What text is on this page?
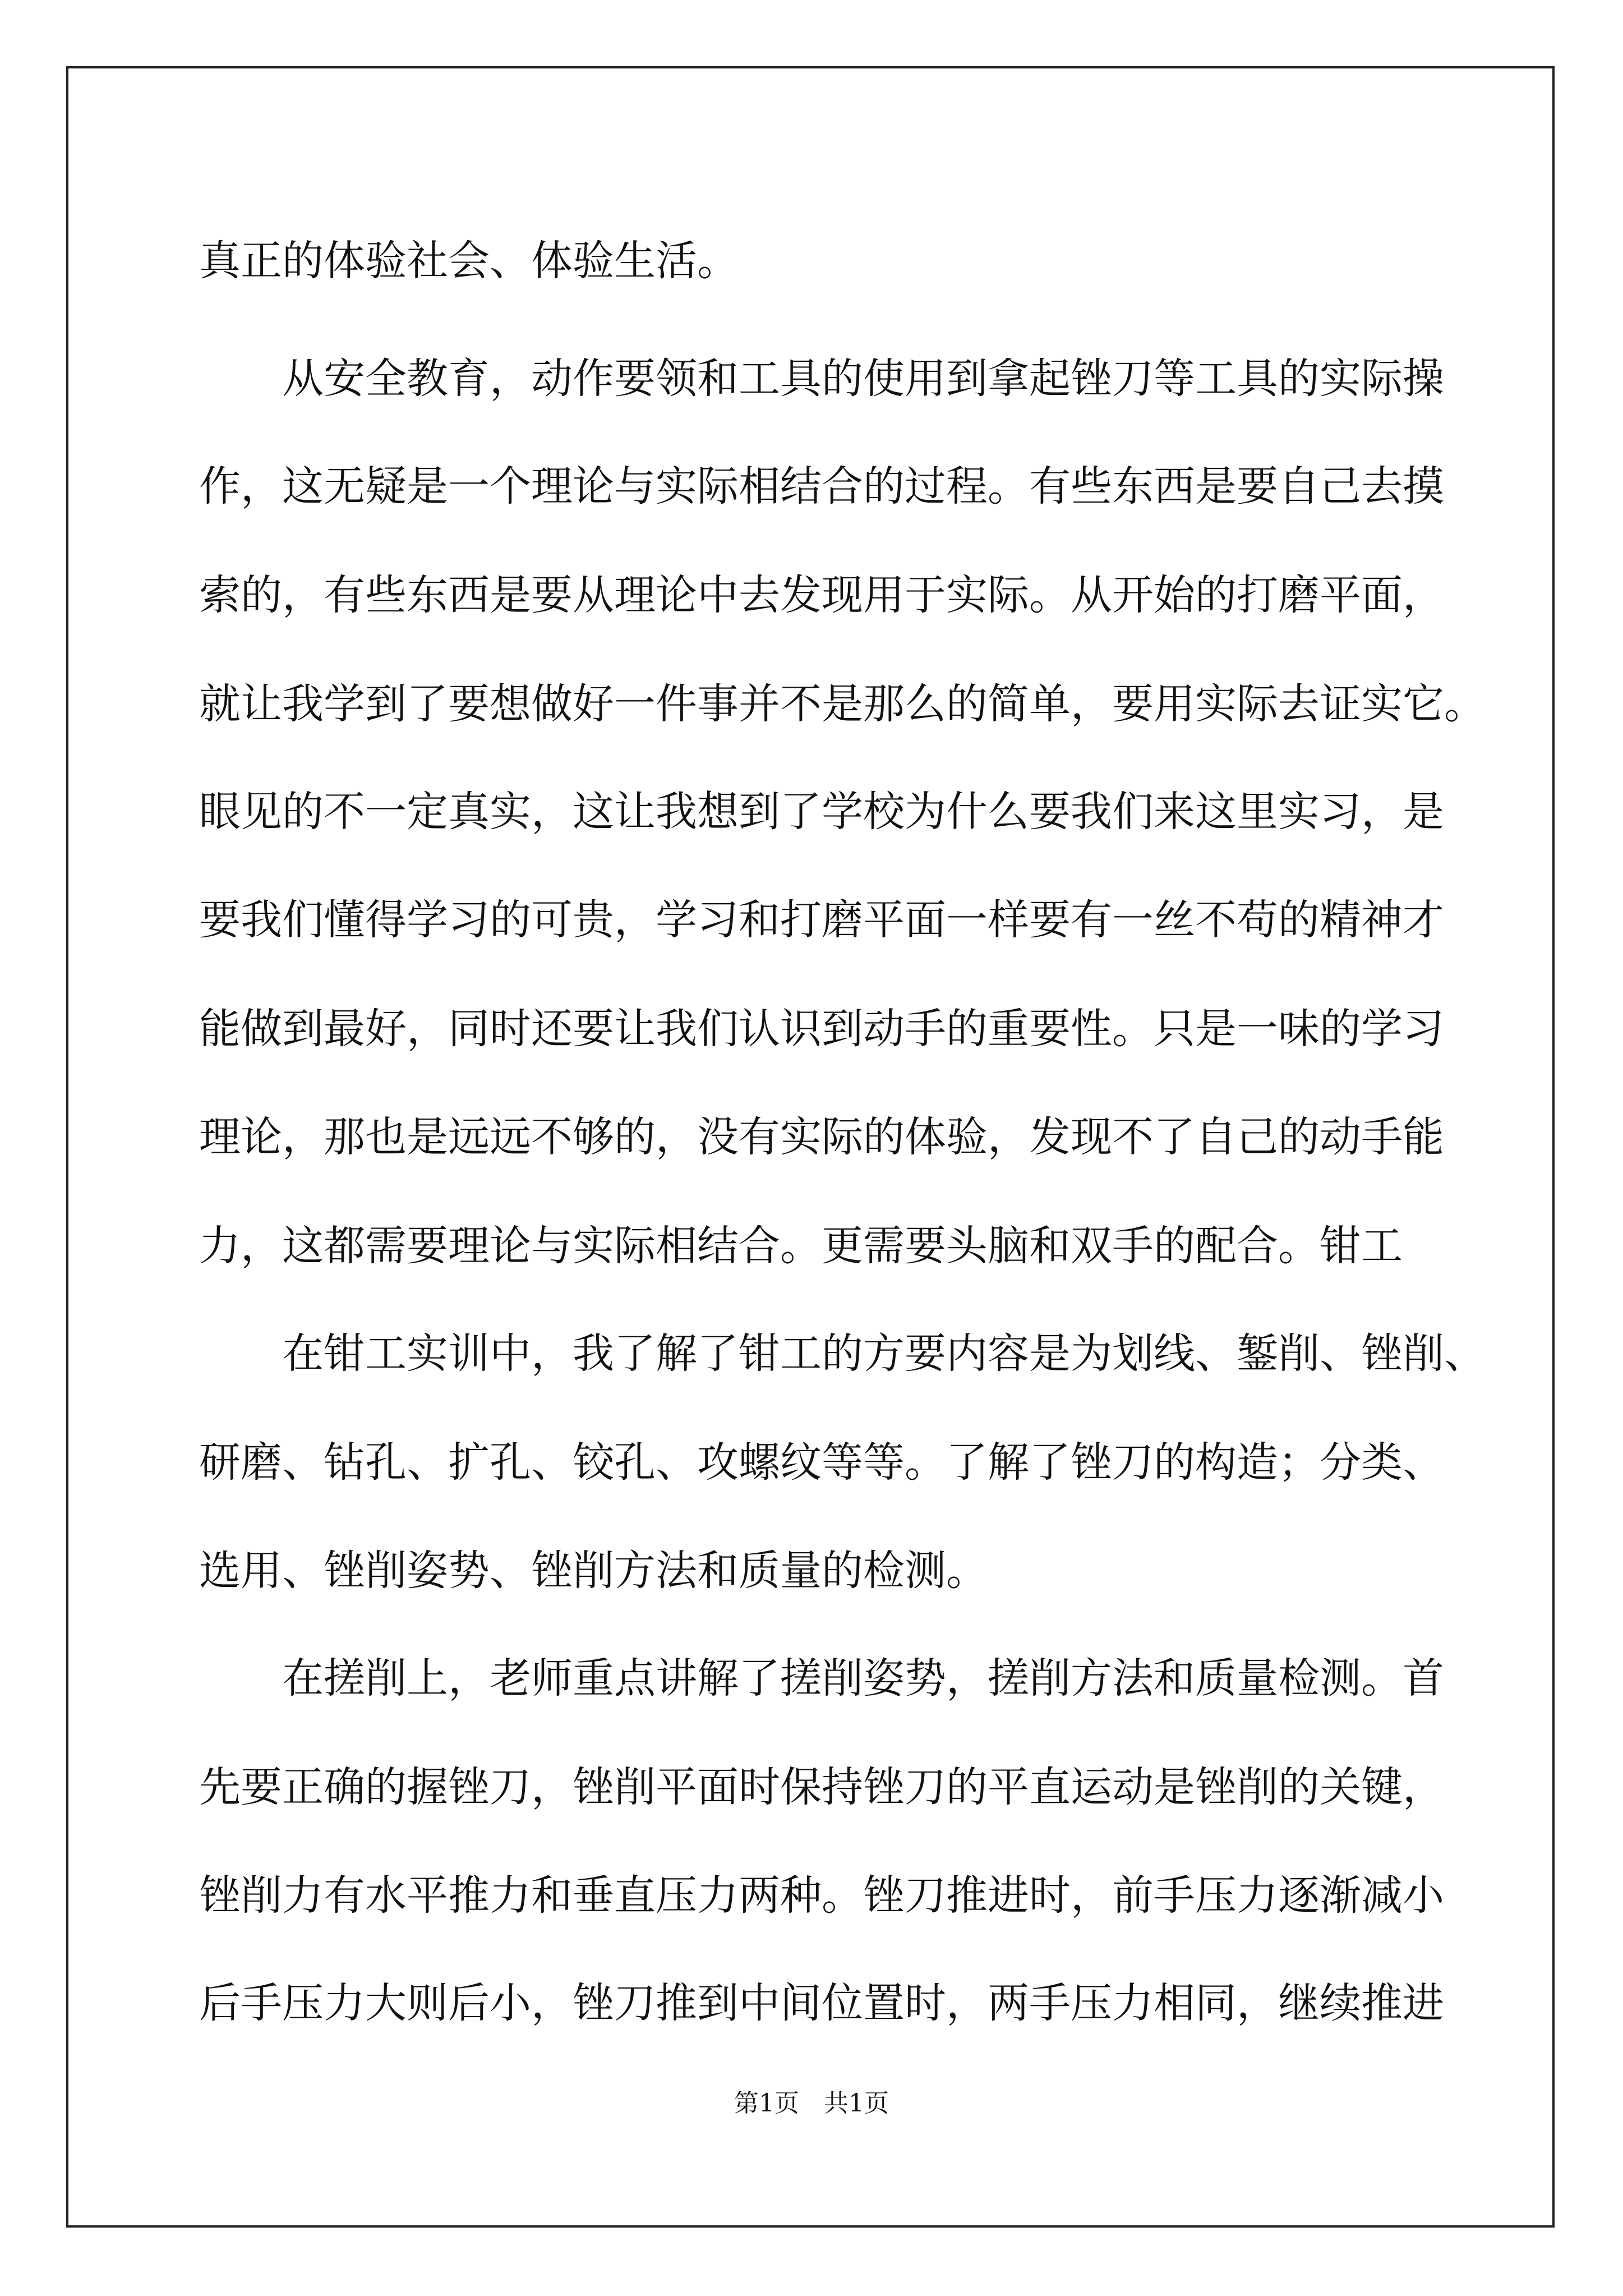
真正的体验社会、体验生活。
从安全教育，动作要领和工具的使用到拿起锉刀等工具的实际操
作，这无疑是一个理论与实际相结合的过程。有些东西是要自己去摸
索的，有些东西是要从理论中去发现用于实际。从开始的打磨平面，
就让我学到了要想做好一件事并不是那么的简单，要用实际去证实它。
眼见的不一定真实，这让我想到了学校为什么要我们来这里实习，是
要我们懂得学习的可贵，学习和打磨平面一样要有一丝不苟的精神才
能做到最好，同时还要让我们认识到动手的重要性。只是一味的学习
理论，那也是远远不够的，没有实际的体验，发现不了自己的动手能
力，这都需要理论与实际相结合。更需要头脑和双手的配合。钳工
在钳工实训中，我了解了钳工的方要内容是为划线、錾削、锉削、
研磨、钻孔、扩孔、铰孔、攻螺纹等等。了解了锉刀的构造；分类、
选用、锉削姿势、锉削方法和质量的检测。
在搓削上，老师重点讲解了搓削姿势，搓削方法和质量检测。首
先要正确的握锉刀，锉削平面时保持锉刀的平直运动是锉削的关键，
锉削力有水平推力和垂直压力两种。锉刀推进时，前手压力逐渐减小
后手压力大则后小，锉刀推到中间位置时，两手压力相同，继续推进
第1页　共1页
